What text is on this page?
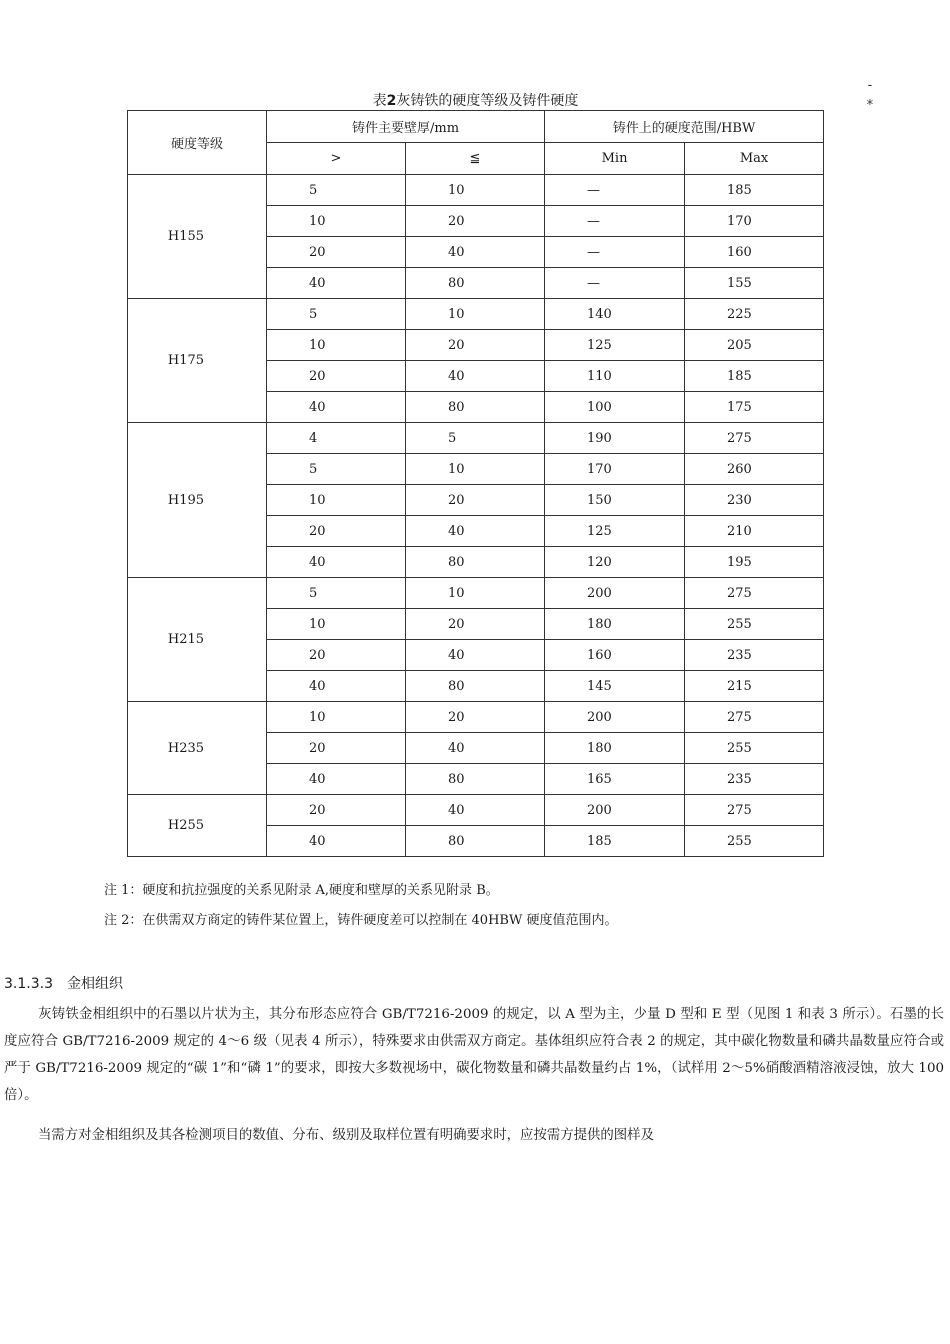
-
*
表2灰铸铁的硬度等级及铸件硬度
硬度等级	铸件主要壁厚/mm		铸件上的硬度范围/HBW	
	>	≦	Min	Max
H155	5	10	—	185
	10	20	—	170
	20	40	—	160
	40	80	—	155
H175	5	10	140	225
	10	20	125	205
	20	40	110	185
	40	80	100	175
H195	4	5	190	275
	5	10	170	260
	10	20	150	230
	20	40	125	210
	40	80	120	195
H215	5	10	200	275
	10	20	180	255
	20	40	160	235
	40	80	145	215
H235	10	20	200	275
	20	40	180	255
	40	80	165	235
H255	20	40	200	275
	40	80	185	255
注 1：硬度和抗拉强度的关系见附录 A,硬度和壁厚的关系见附录 B。
注 2：在供需双方商定的铸件某位置上，铸件硬度差可以控制在 40HBW 硬度值范围内。
3.1.3.3 金相组织
灰铸铁金相组织中的石墨以片状为主，其分布形态应符合 GB/T7216-2009 的规定，以 A 型为主，少量 D 型和 E 型（见图 1 和表 3 所示）。石墨的长度应符合 GB/T7216-2009 规定的 4～6 级（见表 4 所示），特殊要求由供需双方商定。基体组织应符合表 2 的规定，其中碳化物数量和磷共晶数量应符合或严于 GB/T7216-2009 规定的“碳 1”和“磷 1”的要求，即按大多数视场中，碳化物数量和磷共晶数量约占 1%，（试样用 2～5%硝酸酒精溶液浸蚀，放大 100 倍）。
当需方对金相组织及其各检测项目的数值、分布、级别及取样位置有明确要求时，应按需方提供的图样及
